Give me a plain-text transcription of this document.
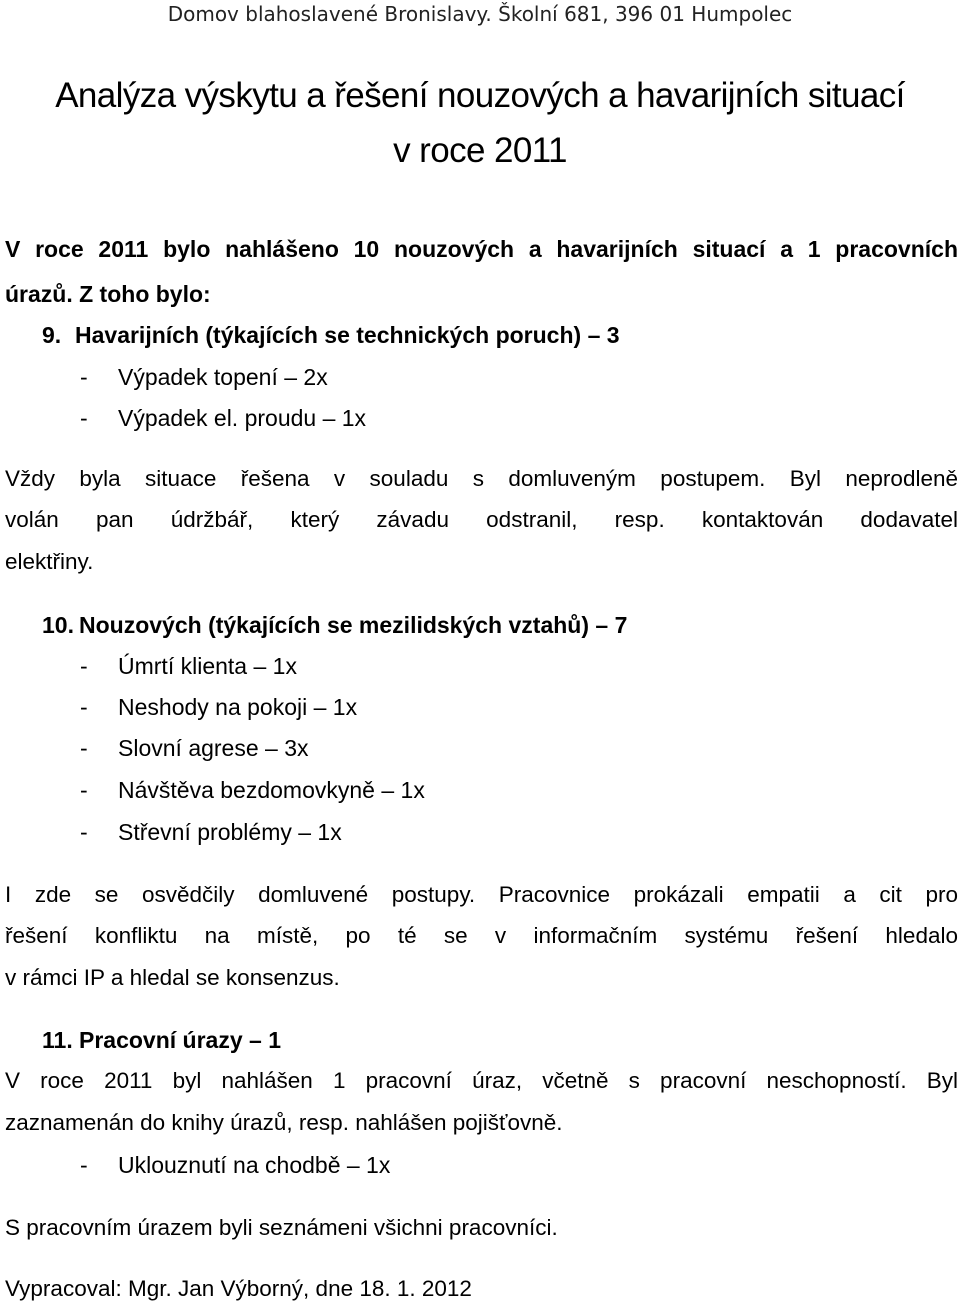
Domov blahoslavené Bronislavy. Školní 681, 396 01 Humpolec
Analýza výskytu a řešení nouzových a havarijních situací
v roce 2011
V roce 2011 bylo nahlášeno 10 nouzových a havarijních situací a 1 pracovních
úrazů. Z toho bylo:
9. Havarijních (týkajících se technických poruch) – 3
- Výpadek topení – 2x
- Výpadek el. proudu – 1x
Vždy byla situace řešena v souladu s domluveným postupem. Byl neprodleně
volán pan údržbář, který závadu odstranil, resp. kontaktován dodavatel
elektřiny.
10. Nouzových (týkajících se mezilidských vztahů) – 7
- Úmrtí klienta – 1x
- Neshody na pokoji – 1x
- Slovní agrese – 3x
- Návštěva bezdomovkyně – 1x
- Střevní problémy – 1x
I zde se osvědčily domluvené postupy. Pracovnice prokázali empatii a cit pro
řešení konfliktu na místě, po té se v informačním systému řešení hledalo
v rámci IP a hledal se konsenzus.
11. Pracovní úrazy – 1
V roce 2011 byl nahlášen 1 pracovní úraz, včetně s pracovní neschopností. Byl
zaznamenán do knihy úrazů, resp. nahlášen pojišťovně.
- Uklouznutí na chodbě – 1x
S pracovním úrazem byli seznámeni všichni pracovníci.
Vypracoval: Mgr. Jan Výborný, dne 18. 1. 2012
